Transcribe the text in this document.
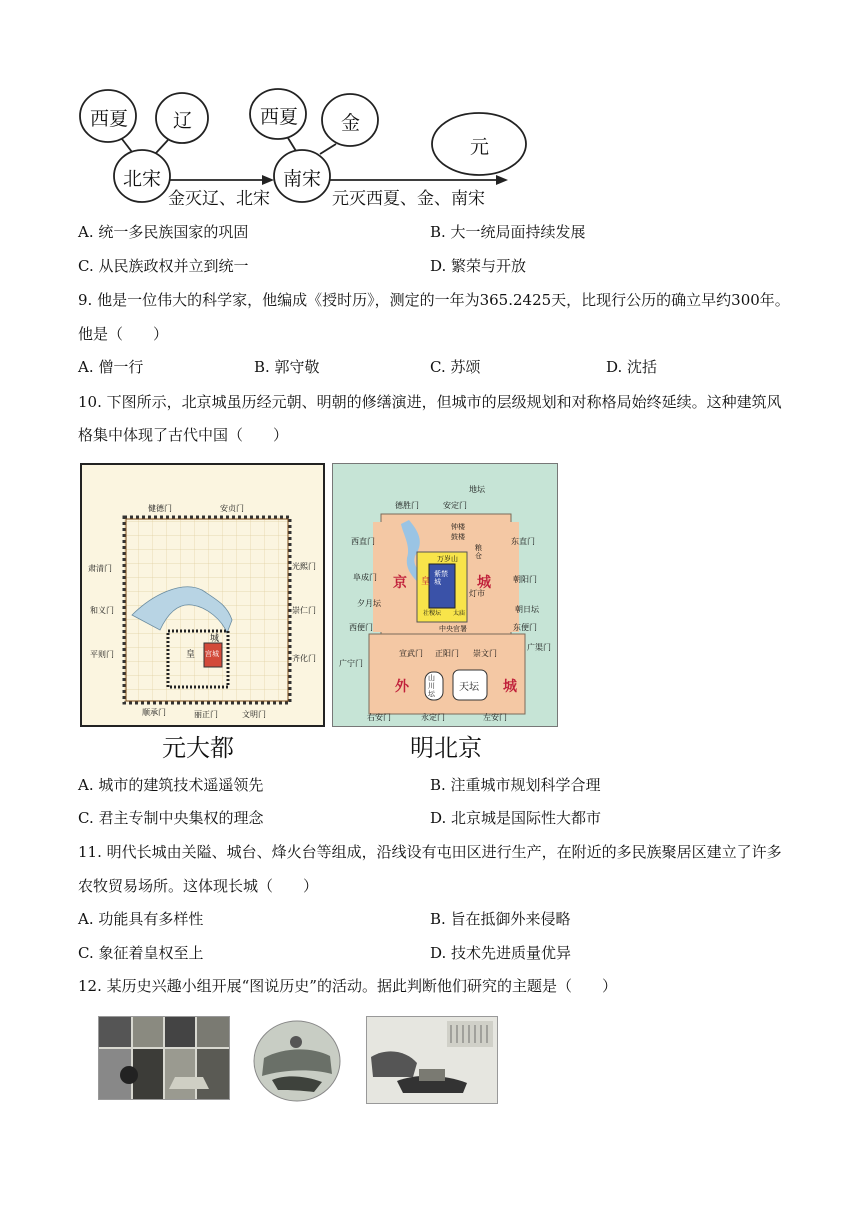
西夏 辽
北宋
西夏 金
南宋
元
金灭辽、北宋	元灭西夏、金、南宋
A. 统一多民族国家的巩固	B. 大一统局面持续发展
C. 从民族政权并立到统一	D. 繁荣与开放
9. 他是一位伟大的科学家，他编成《授时历》，测定的一年为365.2425天，比现行公历的确立早约300年。
他是（　　）
A. 僧一行	B. 郭守敬	C. 苏颂	D. 沈括
10. 下图所示，北京城虽历经元朝、明朝的修缮演进，但城市的层级规划和对称格局始终延续。这种建筑风
格集中体现了古代中国（　　）
健德门	安贞门
肃清门	光熙门
和义门	崇仁门
平则门	齐化门
顺承门	丽正门	文明门
皇
城
宫城
元大都
地坛
德胜门	安定门
钟楼
鼓楼
西直门	东直门
粮仓
万岁山
阜成门	朝阳门
京	城
皇
紫禁城
灯市
夕月坛
朝日坛
社稷坛 太庙
西便门	东便门
中央官署
广宁门
广渠门
宣武门 正阳门 崇文门
外	城
山川坛
天坛
右安门	永定门	左安门
明北京
A. 城市的建筑技术遥遥领先	B. 注重城市规划科学合理
C. 君主专制中央集权的理念	D. 北京城是国际性大都市
11. 明代长城由关隘、城台、烽火台等组成，沿线设有屯田区进行生产，在附近的多民族聚居区建立了许多
农牧贸易场所。这体现长城（　　）
A. 功能具有多样性	B. 旨在抵御外来侵略
C. 象征着皇权至上	D. 技术先进质量优异
12. 某历史兴趣小组开展“图说历史”的活动。据此判断他们研究的主题是（　　）
